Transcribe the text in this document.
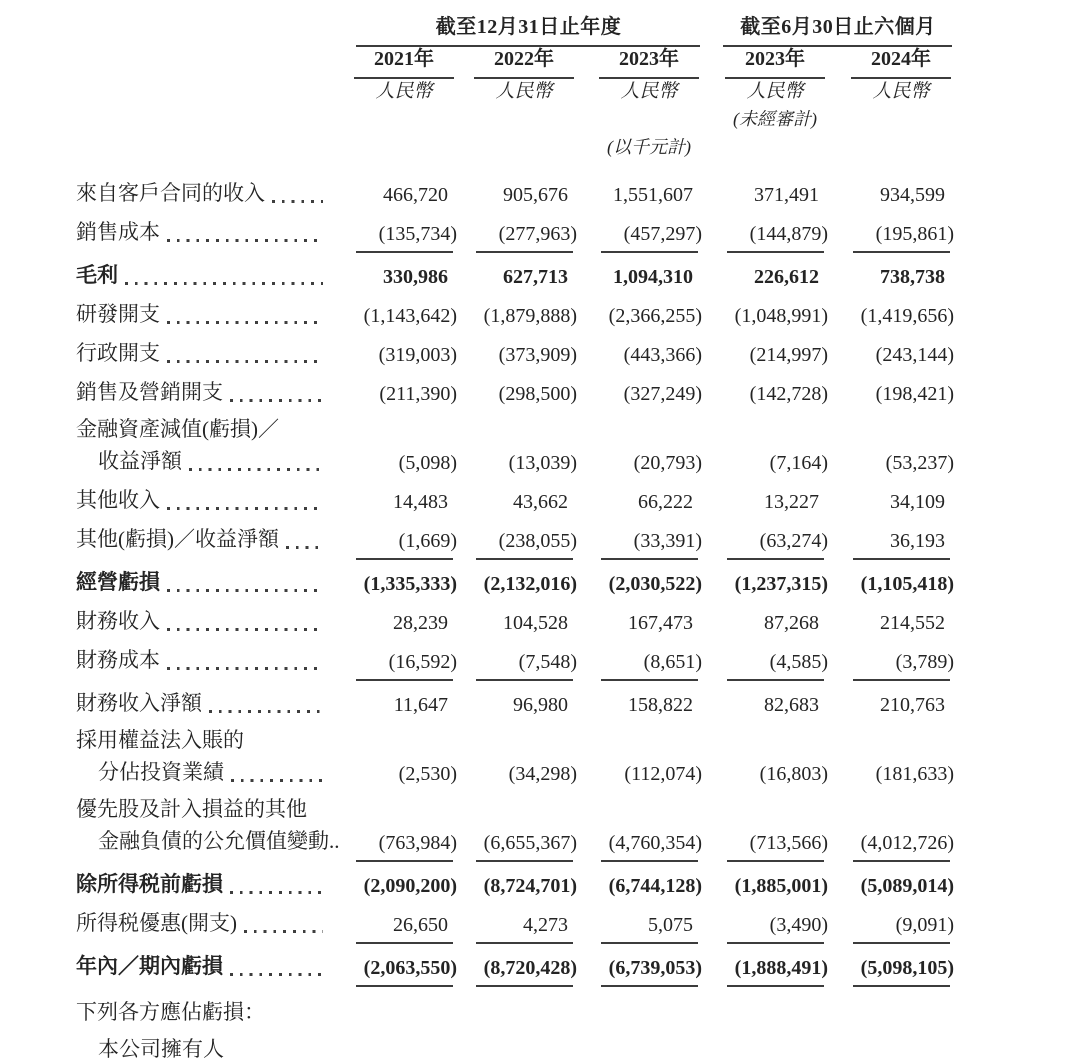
截至12月31日止年度	截至6月30日止六個月
2021年	2022年	2023年	2023年	2024年
人民幣	人民幣	人民幣	人民幣	人民幣
(未經審計)
(以千元計)
來自客戶合同的收入	466,720	905,676	1,551,607	371,491	934,599
銷售成本	(135,734)	(277,963)	(457,297)	(144,879)	(195,861)
毛利	330,986	627,713	1,094,310	226,612	738,738
研發開支	(1,143,642)	(1,879,888)	(2,366,255)	(1,048,991)	(1,419,656)
行政開支	(319,003)	(373,909)	(443,366)	(214,997)	(243,144)
銷售及營銷開支	(211,390)	(298,500)	(327,249)	(142,728)	(198,421)
金融資產減值(虧損)／
收益淨額	(5,098)	(13,039)	(20,793)	(7,164)	(53,237)
其他收入	14,483	43,662	66,222	13,227	34,109
其他(虧損)／收益淨額	(1,669)	(238,055)	(33,391)	(63,274)	36,193
經營虧損	(1,335,333)	(2,132,016)	(2,030,522)	(1,237,315)	(1,105,418)
財務收入	28,239	104,528	167,473	87,268	214,552
財務成本	(16,592)	(7,548)	(8,651)	(4,585)	(3,789)
財務收入淨額	11,647	96,980	158,822	82,683	210,763
採用權益法入賬的
分佔投資業績	(2,530)	(34,298)	(112,074)	(16,803)	(181,633)
優先股及計入損益的其他
金融負債的公允價值變動..	(763,984)	(6,655,367)	(4,760,354)	(713,566)	(4,012,726)
除所得税前虧損	(2,090,200)	(8,724,701)	(6,744,128)	(1,885,001)	(5,089,014)
所得税優惠(開支)	26,650	4,273	5,075	(3,490)	(9,091)
年內／期內虧損	(2,063,550)	(8,720,428)	(6,739,053)	(1,888,491)	(5,098,105)
下列各方應佔虧損：
本公司擁有人
